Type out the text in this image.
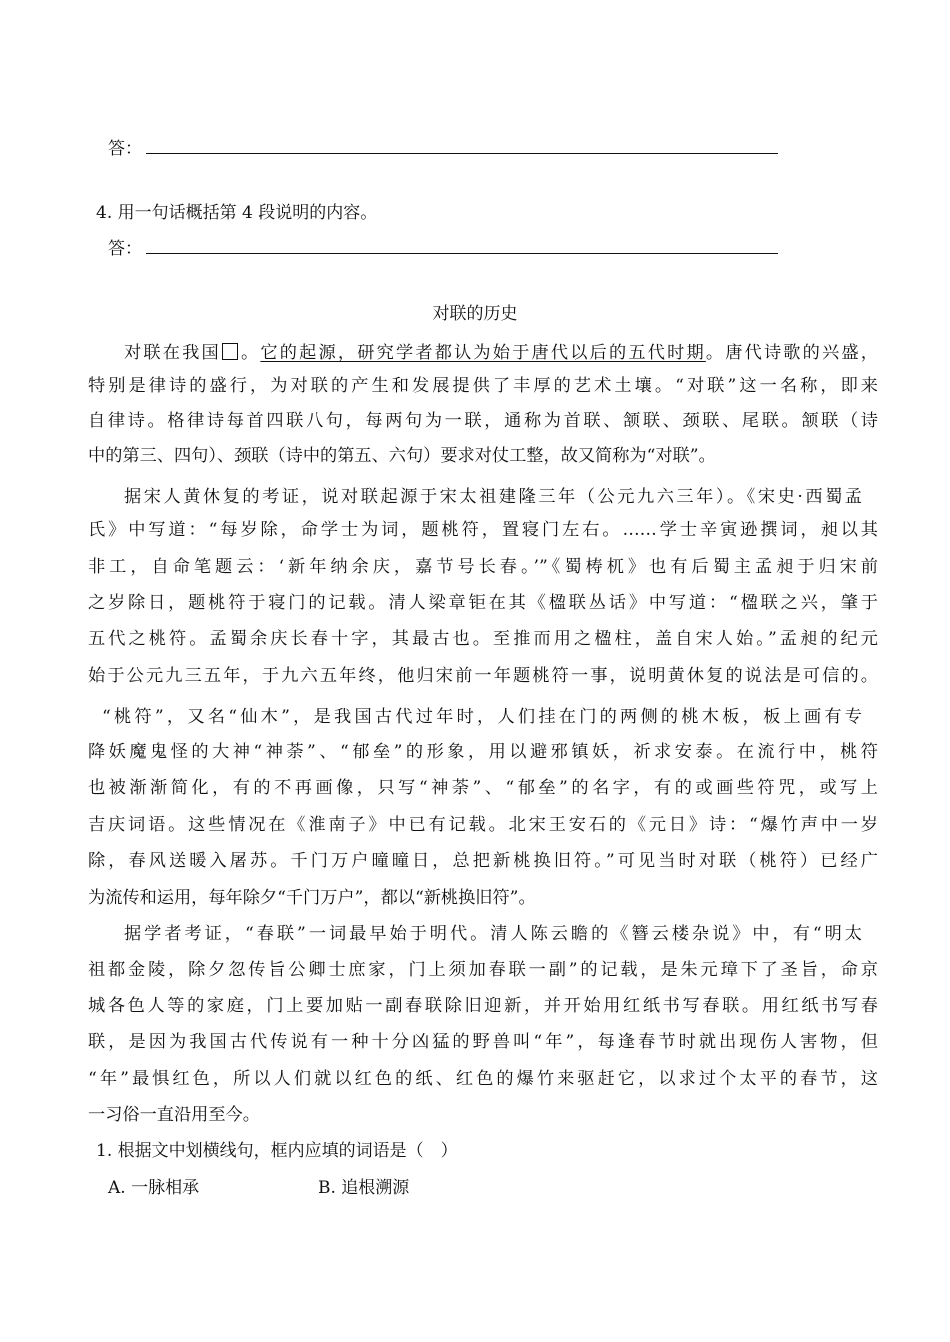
答：
4. 用一句话概括第 4 段说明的内容。
答：
对联的历史
对联在我国 。它的起源，研究学者都认为始于唐代以后的五代时期。唐代诗歌的兴盛，
特别是律诗的盛行，为对联的产生和发展提供了丰厚的艺术土壤。“对联”这一名称，即来
自律诗。格律诗每首四联八句，每两句为一联，通称为首联、颔联、颈联、尾联。颔联（诗
中的第三、四句）、颈联（诗中的第五、六句）要求对仗工整，故又简称为“对联”。
据宋人黄休复的考证，说对联起源于宋太祖建隆三年（公元九六三年）。《宋史·西蜀孟
氏》中写道：“每岁除，命学士为词，题桃符，置寝门左右。……学士辛寅逊撰词，昶以其
非工，自命笔题云：‘新年纳余庆，嘉节号长春。’”《蜀梼杌》也有后蜀主孟昶于归宋前
之岁除日，题桃符于寝门的记载。清人梁章钜在其《楹联丛话》中写道：“楹联之兴，肇于
五代之桃符。孟蜀余庆长春十字，其最古也。至推而用之楹柱，盖自宋人始。”孟昶的纪元
始于公元九三五年，于九六五年终，他归宋前一年题桃符一事，说明黄休复的说法是可信的。
“桃符”，又名“仙木”，是我国古代过年时，人们挂在门的两侧的桃木板，板上画有专
降妖魔鬼怪的大神“神荼”、“郁垒”的形象，用以避邪镇妖，祈求安泰。在流行中，桃符
也被渐渐简化，有的不再画像，只写“神荼”、“郁垒”的名字，有的或画些符咒，或写上
吉庆词语。这些情况在《淮南子》中已有记载。北宋王安石的《元日》诗：“爆竹声中一岁
除，春风送暖入屠苏。千门万户曈曈日，总把新桃换旧符。”可见当时对联（桃符）已经广
为流传和运用，每年除夕“千门万户”，都以“新桃换旧符”。
据学者考证，“春联”一词最早始于明代。清人陈云瞻的《簪云楼杂说》中，有“明太
祖都金陵，除夕忽传旨公卿士庶家，门上须加春联一副”的记载，是朱元璋下了圣旨，命京
城各色人等的家庭，门上要加贴一副春联除旧迎新，并开始用红纸书写春联。用红纸书写春
联，是因为我国古代传说有一种十分凶猛的野兽叫“年”，每逢春节时就出现伤人害物，但
“年”最惧红色，所以人们就以红色的纸、红色的爆竹来驱赶它，以求过个太平的春节，这
一习俗一直沿用至今。
1. 根据文中划横线句，框内应填的词语是（　）
A. 一脉相承	B. 追根溯源
